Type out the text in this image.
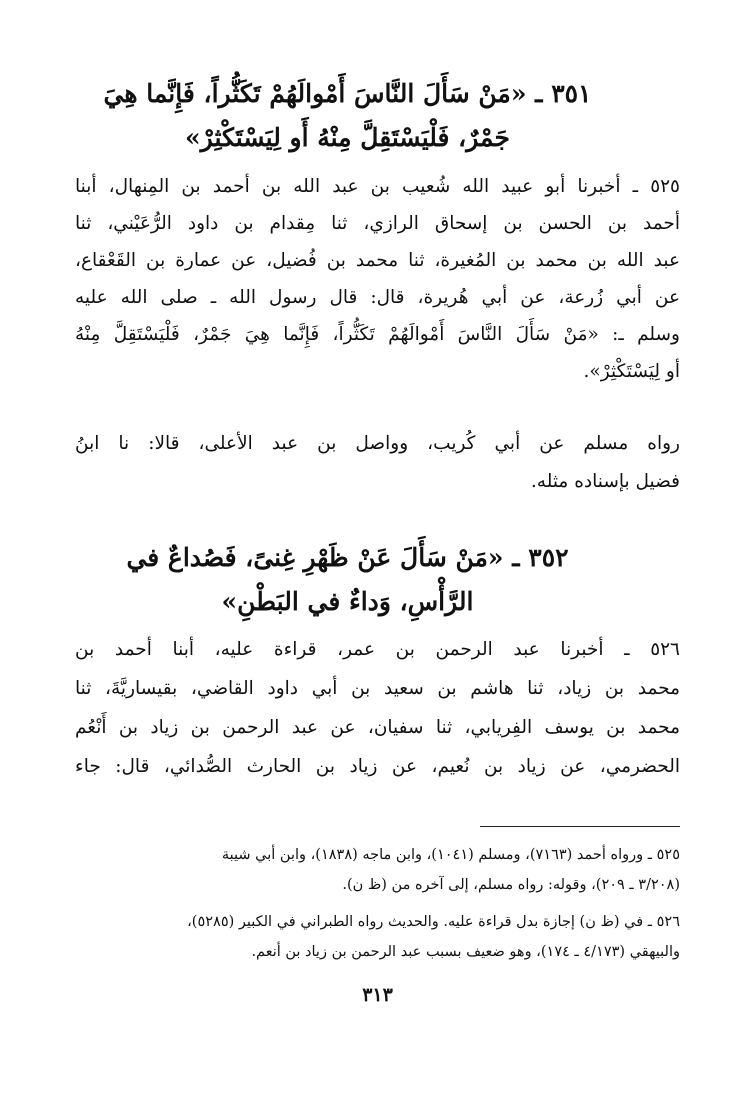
٣٥١ ـ «مَنْ سَأَلَ النَّاسَ أَمْوالَهُمْ تَكَثُّراً، فَإِنَّما هِيَ
جَمْرٌ، فَلْيَسْتَقِلَّ مِنْهُ أَو لِيَسْتَكْثِرْ»
٥٢٥ ـ أخبرنا أبو عبيد الله شُعيب بن عبد الله بن أحمد بن المِنهال، أبنا
أحمد بن الحسن بن إسحاق الرازي، ثنا مِقدام بن داود الرُّعَيْني، ثنا
عبد الله بن محمد بن المُغيرة، ثنا محمد بن فُضيل، عن عمارة بن القَعْقاع،
عن أبي زُرعة، عن أبي هُريرة، قال: قال رسول الله ـ صلى الله عليه
وسلم ـ: «مَنْ سَأَلَ النَّاسَ أَمْوالَهُمْ تَكَثُّراً، فَإِنَّما هِيَ جَمْرٌ، فَلْيَسْتَقِلَّ مِنْهُ
أو لِيَسْتَكْثِرْ».
رواه مسلم عن أبي كُريب، وواصل بن عبد الأعلى، قالا: نا ابنُ
فضيل بإسناده مثله.
٣٥٢ ـ «مَنْ سَأَلَ عَنْ ظَهْرِ غِنىً، فَصُداعٌ في
الرَّأْسِ، وَداءٌ في البَطْنِ»
٥٢٦ ـ أخبرنا عبد الرحمن بن عمر، قراءة عليه، أبنا أحمد بن
محمد بن زياد، ثنا هاشم بن سعيد بن أبي داود القاضي، بقيساريَّةَ، ثنا
محمد بن يوسف الفِريابي، ثنا سفيان، عن عبد الرحمن بن زياد بن أَنْعُم
الحضرمي، عن زياد بن نُعيم، عن زياد بن الحارث الصُّدائي، قال: جاء
٥٢٥ ـ ورواه أحمد (٧١٦٣)، ومسلم (١٠٤١)، وابن ماجه (١٨٣٨)، وابن أبي شيبة
(٣/٢٠٨ ـ ٢٠٩)، وقوله: رواه مسلم، إلى آخره من (ظ ن).
٥٢٦ ـ في (ظ ن) إجازة بدل قراءة عليه. والحديث رواه الطبراني في الكبير (٥٢٨٥)،
والبيهقي (٤/١٧٣ ـ ١٧٤)، وهو ضعيف بسبب عبد الرحمن بن زياد بن أنعم.
٣١٣
